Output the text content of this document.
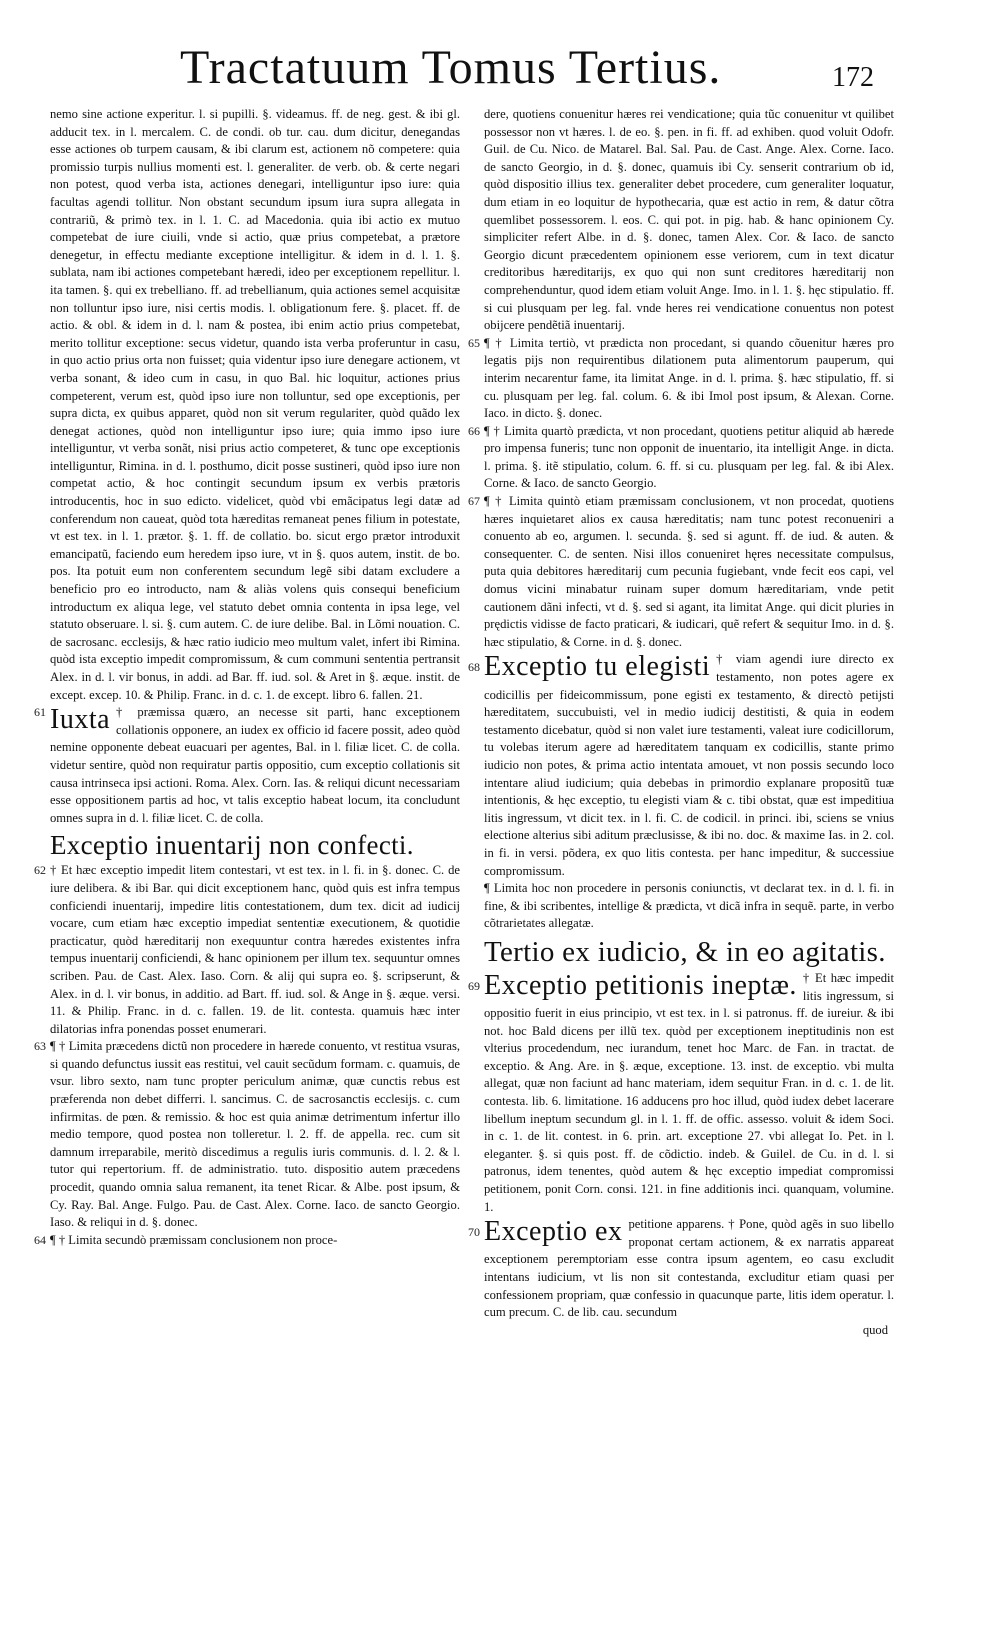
Tractatuum Tomus Tertius.	172

nemo sine actione experitur. l. si pupilli. §. videamus. ff. de neg. gest. & ibi gl. adducit tex. in l. mercalem. C. de condi. ob tur. cau. dum dicitur, denegandas esse actiones ob turpem causam, & ibi clarum est, actionem nõ competere: quia promissio turpis nullius momenti est. l. generaliter. de verb. ob. & certe negari non potest, quod verba ista, actiones denegari, intelliguntur ipso iure: quia facultas agendi tollitur. Non obstant secundum ipsum iura supra allegata in contrariũ, & primò tex. in l. 1. C. ad Macedonia. quia ibi actio ex mutuo competebat de iure ciuili, vnde si actio, quæ prius competebat, a prætore denegetur, in effectu mediante exceptione intelligitur. & idem in d. l. 1. §. sublata, nam ibi actiones competebant hæredi, ideo per exceptionem repellitur. l. ita tamen. §. qui ex trebelliano. ff. ad trebellianum, quia actiones semel acquisitæ non tolluntur ipso iure, nisi certis modis. l. obligationum fere. §. placet. ff. de actio. & obl. & idem in d. l. nam & postea, ibi enim actio prius competebat, merito tollitur exceptione: secus videtur, quando ista verba proferuntur in casu, in quo actio prius orta non fuisset; quia videntur ipso iure denegare actionem, vt verba sonant, & ideo cum in casu, in quo Bal. hic loquitur, actiones prius competerent, verum est, quòd ipso iure non tolluntur, sed ope exceptionis, per supra dicta, ex quibus apparet, quòd non sit verum regulariter, quòd quãdo lex denegat actiones, quòd non intelliguntur ipso iure; quia immo ipso iure intelliguntur, vt verba sonãt, nisi prius actio competeret, & tunc ope exceptionis intelliguntur, Rimina. in d. l. posthumo, dicit posse sustineri, quòd ipso iure non competat actio, & hoc contingit secundum ipsum ex verbis prætoris introducentis, hoc in suo edicto. videlicet, quòd vbi emãcipatus legi datæ ad conferendum non caueat, quòd tota hæreditas remaneat penes filium in potestate, vt est tex. in l. 1. prætor. §. 1. ff. de collatio. bo. sicut ergo prætor introduxit emancipatũ, faciendo eum heredem ipso iure, vt in §. quos autem, instit. de bo. pos. Ita potuit eum non conferentem secundum legẽ sibi datam excludere a beneficio pro eo introducto, nam & aliàs volens quis consequi beneficium introductum ex aliqua lege, vel statuto debet omnia contenta in ipsa lege, vel statuto obseruare. l. si. §. cum autem. C. de iure delibe. Bal. in Lõmi nouation. C. de sacrosanc. ecclesijs, & hæc ratio iudicio meo multum valet, infert ibi Rimina. quòd ista exceptio impedit compromissum, & cum communi sententia pertransit Alex. in d. l. vir bonus, in addi. ad Bar. ff. iud. sol. & Aret in §. æque. instit. de except. excep. 10. & Philip. Franc. in d. c. 1. de except. libro 6. fallen. 21.

61 Iuxta † præmissa quæro, an necesse sit parti, hanc exceptionem collationis opponere, an iudex ex officio id facere possit, adeo quòd nemine opponente debeat euacuari per agentes, Bal. in l. filiæ licet. C. de colla. videtur sentire, quòd non requiratur partis oppositio, cum exceptio collationis sit causa intrinseca ipsi actioni. Roma. Alex. Corn. Ias. & reliqui dicunt necessariam esse oppositionem partis ad hoc, vt talis exceptio habeat locum, ita concludunt omnes supra in d. l. filiæ licet. C. de colla.

Exceptio inuentarij non confecti.

62 † Et hæc exceptio impedit litem contestari, vt est tex. in l. fi. in §. donec. C. de iure delibera. & ibi Bar. qui dicit exceptionem hanc, quòd quis est infra tempus conficiendi inuentarij, impedire litis contestationem, dum tex. dicit ad iudicij vocare, cum etiam hæc exceptio impediat sententiæ executionem, & quotidie practicatur, quòd hæreditarij non exequuntur contra hæredes existentes infra tempus inuentarij conficiendi, & hanc opinionem per illum tex. sequuntur omnes scriben. Pau. de Cast. Alex. Iaso. Corn. & alij qui supra eo. §. scripserunt, & Alex. in d. l. vir bonus, in additio. ad Bart. ff. iud. sol. & Ange in §. æque. versi. 11. & Philip. Franc. in d. c. fallen. 19. de lit. contesta. quamuis hæc inter dilatorias infra ponendas posset enumerari.

63 ¶ † Limita præcedens dictũ non procedere in hærede conuento, vt restitua vsuras, si quando defunctus iussit eas restitui, vel cauit secũdum formam. c. quamuis, de vsur. libro sexto, nam tunc propter periculum animæ, quæ cunctis rebus est præferenda non debet differri. l. sancimus. C. de sacrosanctis ecclesijs. c. cum infirmitas. de pœn. & remissio. & hoc est quia animæ detrimentum infertur illo medio tempore, quod postea non tolleretur. l. 2. ff. de appella. rec. cum sit damnum irreparabile, meritò discedimus a regulis iuris communis. d. l. 2. & l. tutor qui repertorium. ff. de administratio. tuto. dispositio autem præcedens procedit, quando omnia salua remanent, ita tenet Ricar. & Albe. post ipsum, & Cy. Ray. Bal. Ange. Fulgo. Pau. de Cast. Alex. Corne. Iaco. de sancto Georgio. Iaso. & reliqui in d. §. donec.

64 ¶ † Limita secundò præmissam conclusionem non proce-

dere, quotiens conuenitur hæres rei vendicatione; quia tũc conuenitur vt quilibet possessor non vt hæres. l. de eo. §. pen. in fi. ff. ad exhiben. quod voluit Odofr. Guil. de Cu. Nico. de Matarel. Bal. Sal. Pau. de Cast. Ange. Alex. Corne. Iaco. de sancto Georgio, in d. §. donec, quamuis ibi Cy. senserit contrarium ob id, quòd dispositio illius tex. generaliter debet procedere, cum generaliter loquatur, dum etiam in eo loquitur de hypothecaria, quæ est actio in rem, & datur cõtra quemlibet possessorem. l. eos. C. qui pot. in pig. hab. & hanc opinionem Cy. simpliciter refert Albe. in d. §. donec, tamen Alex. Cor. & Iaco. de sancto Georgio dicunt præcedentem opinionem esse veriorem, cum in text dicatur creditoribus hæreditarijs, ex quo qui non sunt creditores hæreditarij non comprehenduntur, quod idem etiam voluit Ange. Imo. in l. 1. §. hęc stipulatio. ff. si cui plusquam per leg. fal. vnde heres rei vendicatione conuentus non potest obijcere pendẽtiã inuentarij.

65 ¶ † Limita tertiò, vt prædicta non procedant, si quando cõuenitur hæres pro legatis pijs non requirentibus dilationem puta alimentorum pauperum, qui interim necarentur fame, ita limitat Ange. in d. l. prima. §. hæc stipulatio, ff. si cu. plusquam per leg. fal. colum. 6. & ibi Imol post ipsum, & Alexan. Corne. Iaco. in dicto. §. donec.

66 ¶ † Limita quartò prædicta, vt non procedant, quotiens petitur aliquid ab hærede pro impensa funeris; tunc non opponit de inuentario, ita intelligit Ange. in dicta. l. prima. §. itẽ stipulatio, colum. 6. ff. si cu. plusquam per leg. fal. & ibi Alex. Corne. & Iaco. de sancto Georgio.

67 ¶ † Limita quintò etiam præmissam conclusionem, vt non procedat, quotiens hæres inquietaret alios ex causa hæreditatis; nam tunc potest reconueniri a conuento ab eo, argumen. l. secunda. §. sed si agunt. ff. de iud. & auten. & consequenter. C. de senten. Nisi illos conueniret hęres necessitate compulsus, puta quia debitores hæreditarij cum pecunia fugiebant, vnde fecit eos capi, vel domus vicini minabatur ruinam super domum hæreditariam, vnde petit cautionem dãni infecti, vt d. §. sed si agant, ita limitat Ange. qui dicit pluries in prędictis vidisse de facto praticari, & iudicari, quẽ refert & sequitur Imo. in d. §. hæc stipulatio, & Corne. in d. §. donec.

68 Exceptio tu elegisti † viam agendi iure directo ex testamento, non potes agere ex codicillis per fideicommissum, pone egisti ex testamento, & directò petijsti hæreditatem, succubuisti, vel in medio iudicij destitisti, & quia in eodem testamento dicebatur, quòd si non valet iure testamenti, valeat iure codicillorum, tu volebas iterum agere ad hæreditatem tanquam ex codicillis, stante primo iudicio non potes, & prima actio intentata amouet, vt non possis secundo loco intentare aliud iudicium; quia debebas in primordio explanare propositũ tuæ intentionis, & hęc exceptio, tu elegisti viam & c. tibi obstat, quæ est impeditiua litis ingressum, vt dicit tex. in l. fi. C. de codicil. in princi. ibi, sciens se vnius electione alterius sibi aditum præclusisse, & ibi no. doc. & maxime Ias. in 2. col. in fi. in versi. põdera, ex quo litis contesta. per hanc impeditur, & successiue compromissum.

¶ Limita hoc non procedere in personis coniunctis, vt declarat tex. in d. l. fi. in fine, & ibi scribentes, intellige & prædicta, vt dicã infra in sequẽ. parte, in verbo cõtrarietates allegatæ.

Tertio ex iudicio, & in eo agitatis.

69 Exceptio petitionis ineptæ. † Et hæc impedit litis ingressum, si oppositio fuerit in eius principio, vt est tex. in l. si patronus. ff. de iureiur. & ibi not. hoc Bald dicens per illũ tex. quòd per exceptionem ineptitudinis non est vlterius procedendum, nec iurandum, tenet hoc Marc. de Fan. in tractat. de exceptio. & Ang. Are. in §. æque, exceptione. 13. inst. de exceptio. vbi multa allegat, quæ non faciunt ad hanc materiam, idem sequitur Fran. in d. c. 1. de lit. contesta. lib. 6. limitatione. 16 adducens pro hoc illud, quòd iudex debet lacerare libellum ineptum secundum gl. in l. 1. ff. de offic. assesso. voluit & idem Soci. in c. 1. de lit. contest. in 6. prin. art. exceptione 27. vbi allegat Io. Pet. in l. eleganter. §. si quis post. ff. de cõdictio. indeb. & Guilel. de Cu. in d. l. si patronus, idem tenentes, quòd autem & hęc exceptio impediat compromissi petitionem, ponit Corn. consi. 121. in fine additionis inci. quanquam, volumine. 1.

70 Exceptio ex petitione apparens. † Pone, quòd agẽs in suo libello proponat certam actionem, & ex narratis appareat exceptionem peremptoriam esse contra ipsum agentem, eo casu excludit intentans iudicium, vt lis non sit contestanda, excluditur etiam quasi per confessionem propriam, quæ confessio in quacunque parte, litis idem operatur. l. cum precum. C. de lib. cau. secundum

quod
